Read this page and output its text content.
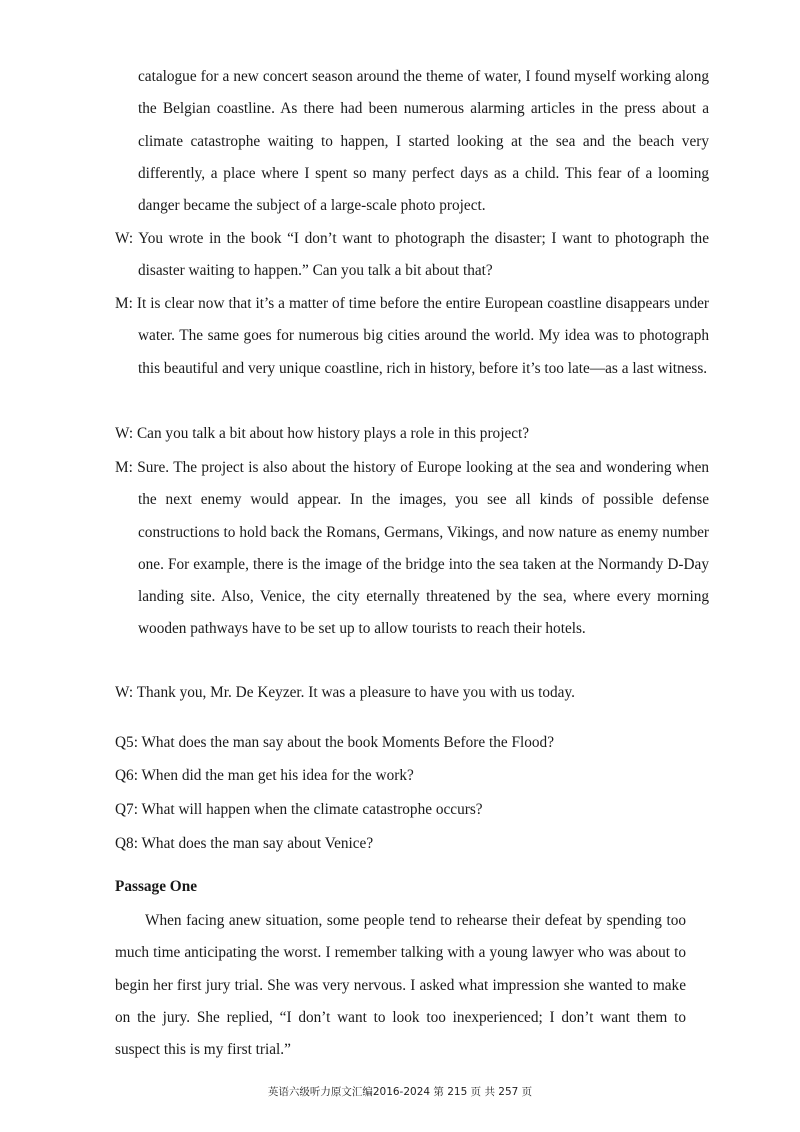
catalogue for a new concert season around the theme of water, I found myself working along the Belgian coastline. As there had been numerous alarming articles in the press about a climate catastrophe waiting to happen, I started looking at the sea and the beach very differently, a place where I spent so many perfect days as a child. This fear of a looming danger became the subject of a large-scale photo project.
W: You wrote in the book “I don’t want to photograph the disaster; I want to photograph the disaster waiting to happen.” Can you talk a bit about that?
M: It is clear now that it’s a matter of time before the entire European coastline disappears under water. The same goes for numerous big cities around the world. My idea was to photograph this beautiful and very unique coastline, rich in history, before it’s too late—as a last witness.
W: Can you talk a bit about how history plays a role in this project?
M: Sure. The project is also about the history of Europe looking at the sea and wondering when the next enemy would appear. In the images, you see all kinds of possible defense constructions to hold back the Romans, Germans, Vikings, and now nature as enemy number one. For example, there is the image of the bridge into the sea taken at the Normandy D-Day landing site. Also, Venice, the city eternally threatened by the sea, where every morning wooden pathways have to be set up to allow tourists to reach their hotels.
W: Thank you, Mr. De Keyzer. It was a pleasure to have you with us today.
Q5: What does the man say about the book Moments Before the Flood?
Q6: When did the man get his idea for the work?
Q7: What will happen when the climate catastrophe occurs?
Q8: What does the man say about Venice?
Passage One
When facing anew situation, some people tend to rehearse their defeat by spending too much time anticipating the worst. I remember talking with a young lawyer who was about to begin her first jury trial. She was very nervous. I asked what impression she wanted to make on the jury. She replied, “I don’t want to look too inexperienced; I don’t want them to suspect this is my first trial.”
英语六级听力原文汇编2016-2024 第 215 页 共 257 页
